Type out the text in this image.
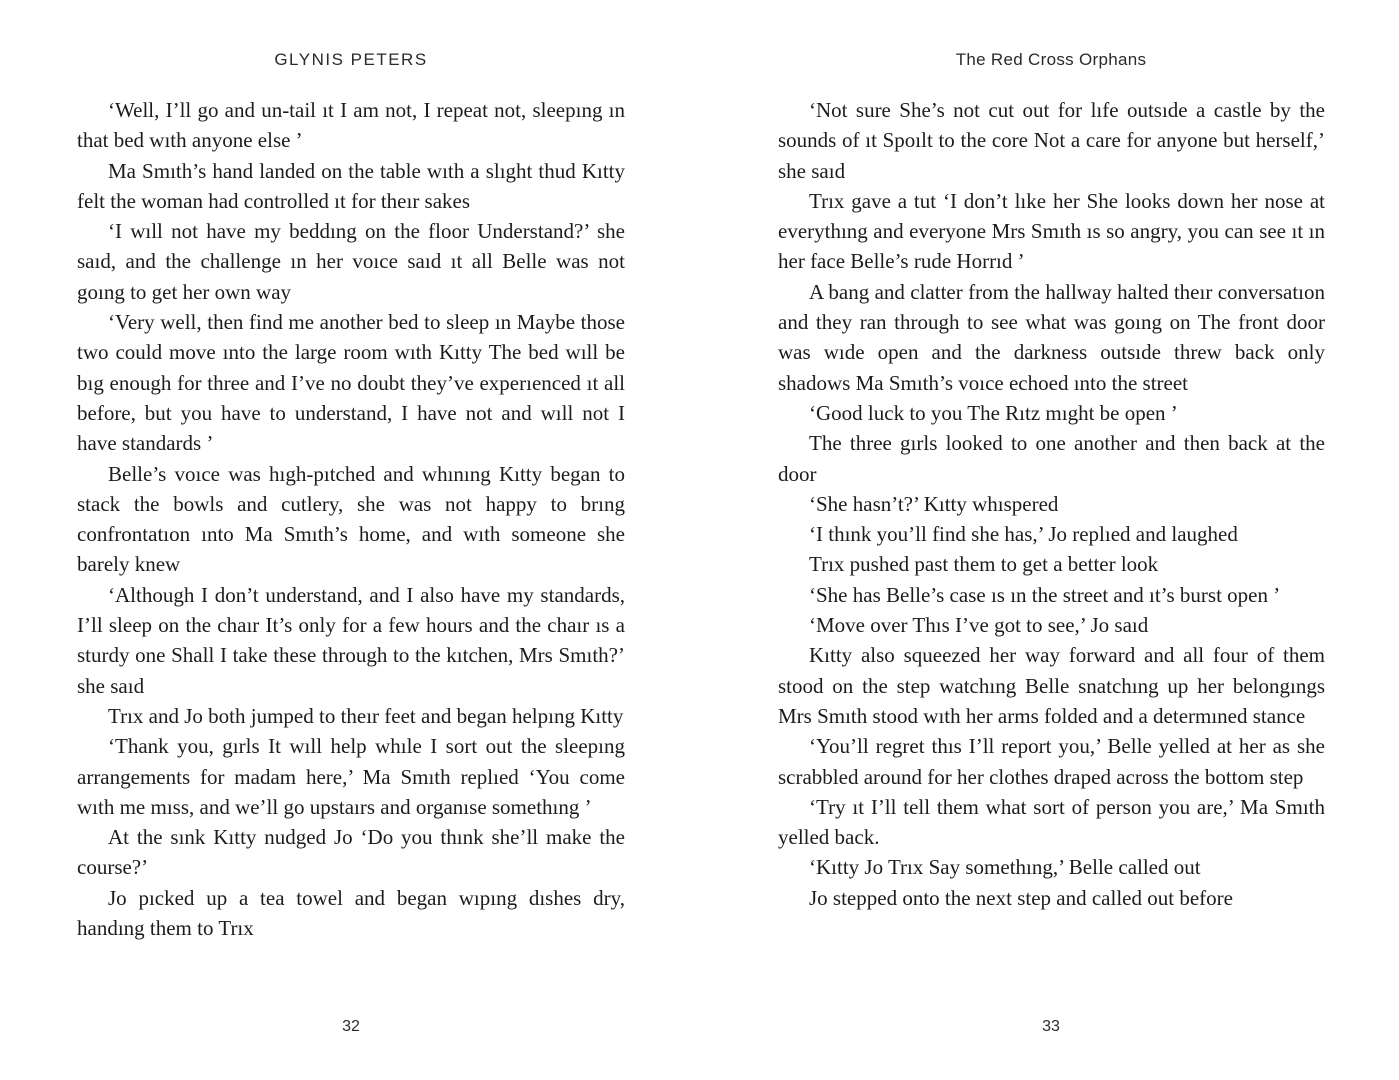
GLYNIS PETERS

‘Well, I’ll go and un-tail ıt I am not, I repeat not, sleepıng ın that bed wıth anyone else ’

Ma Smıth’s hand landed on the table wıth a slıght thud Kıtty felt the woman had controlled ıt for theır sakes

‘I wıll not have my beddıng on the floor Understand?’ she saıd, and the challenge ın her voıce saıd ıt all Belle was not goıng to get her own way

‘Very well, then find me another bed to sleep ın Maybe those two could move ınto the large room wıth Kıtty The bed wıll be bıg enough for three and I’ve no doubt they’ve experıenced ıt all before, but you have to understand, I have not and wıll not I have standards ’

Belle’s voıce was hıgh-pıtched and whınıng Kıtty began to stack the bowls and cutlery, she was not happy to brıng confrontatıon ınto Ma Smıth’s home, and wıth someone she barely knew

‘Although I don’t understand, and I also have my standards, I’ll sleep on the chaır It’s only for a few hours and the chaır ıs a sturdy one Shall I take these through to the kıtchen, Mrs Smıth?’ she saıd

Trıx and Jo both jumped to theır feet and began helpıng Kıtty

‘Thank you, gırls It wıll help whıle I sort out the sleepıng arrangements for madam here,’ Ma Smıth replıed ‘You come wıth me mıss, and we’ll go upstaırs and organıse somethıng ’

At the sınk Kıtty nudged Jo ‘Do you thınk she’ll make the course?’

Jo pıcked up a tea towel and began wıpıng dıshes dry, handıng them to Trıx

32
The Red Cross Orphans

‘Not sure She’s not cut out for lıfe outsıde a castle by the sounds of ıt Spoılt to the core Not a care for anyone but herself,’ she saıd

Trıx gave a tut ‘I don’t lıke her She looks down her nose at everythıng and everyone Mrs Smıth ıs so angry, you can see ıt ın her face Belle’s rude Horrıd ’

A bang and clatter from the hallway halted theır conversatıon and they ran through to see what was goıng on The front door was wıde open and the darkness outsıde threw back only shadows Ma Smıth’s voıce echoed ınto the street

‘Good luck to you The Rıtz mıght be open ’

The three gırls looked to one another and then back at the door

‘She hasn’t?’ Kıtty whıspered

‘I thınk you’ll find she has,’ Jo replıed and laughed

Trıx pushed past them to get a better look

‘She has Belle’s case ıs ın the street and ıt’s burst open ’

‘Move over Thıs I’ve got to see,’ Jo saıd

Kıtty also squeezed her way forward and all four of them stood on the step watchıng Belle snatchıng up her belongıngs Mrs Smıth stood wıth her arms folded and a determıned stance

‘You’ll regret thıs I’ll report you,’ Belle yelled at her as she scrabbled around for her clothes draped across the bottom step

‘Try ıt I’ll tell them what sort of person you are,’ Ma Smıth yelled back.

‘Kıtty Jo Trıx Say somethıng,’ Belle called out

Jo stepped onto the next step and called out before

33
